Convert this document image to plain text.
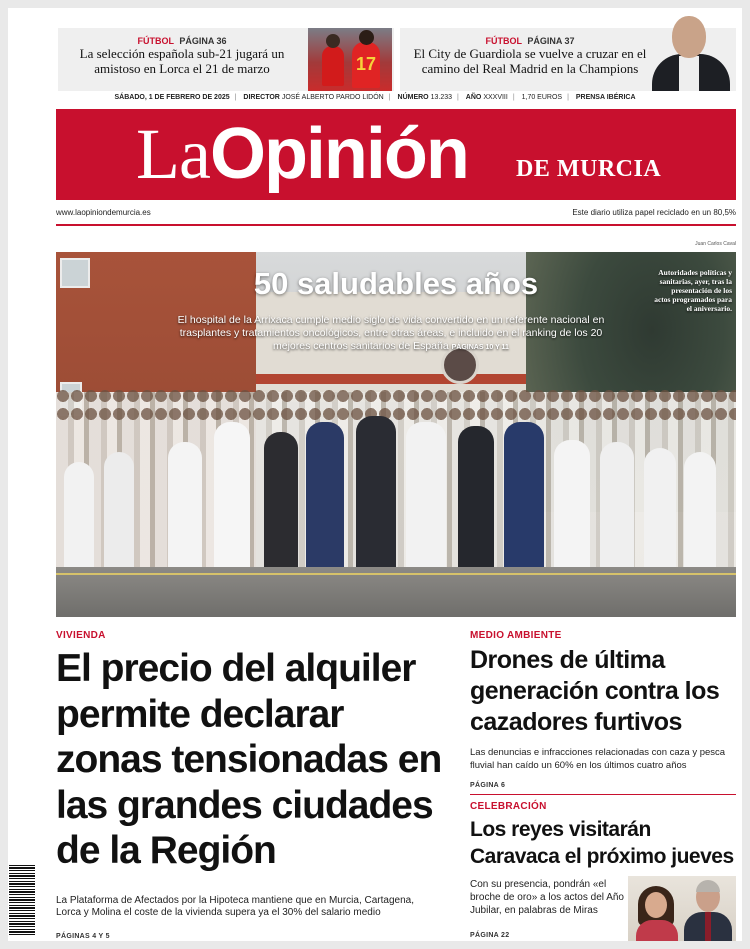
FÚTBOL PÁGINA 36
La selección española sub-21 jugará un amistoso en Lorca el 21 de marzo	17
FÚTBOL PÁGINA 37
El City de Guardiola se vuelve a cruzar en el camino del Real Madrid en la Champions
SÁBADO, 1 DE FEBRERO DE 2025 | DIRECTOR JOSÉ ALBERTO PARDO LIDÓN | NÚMERO 13.233 | AÑO XXXVIII | 1,70 EUROS | PRENSA IBÉRICA
LaOpinión DE MURCIA
www.laopiniondemurcia.es	Este diario utiliza papel reciclado en un 80,5%
Juan Carlos Caval
50 saludables años
El hospital de la Arrixaca cumple medio siglo de vida convertido en un referente nacional en trasplantes y tratamientos oncológicos, entre otras áreas, e incluido en el ranking de los 20 mejores centros sanitarios de España PÁGINAS 10 Y 11
Autoridades políticas y sanitarias, ayer, tras la presentación de los actos programados para el aniversario.
VIVIENDA
El precio del alquiler permite declarar zonas tensionadas en las grandes ciudades de la Región
La Plataforma de Afectados por la Hipoteca mantiene que en Murcia, Cartagena, Lorca y Molina el coste de la vivienda supera ya el 30% del salario medio
PÁGINAS 4 Y 5
MEDIO AMBIENTE
Drones de última generación contra los cazadores furtivos
Las denuncias e infracciones relacionadas con caza y pesca fluvial han caído un 60% en los últimos cuatro años
PÁGINA 6
CELEBRACIÓN
Los reyes visitarán Caravaca el próximo jueves
Con su presencia, pondrán «el broche de oro» a los actos del Año Jubilar, en palabras de Miras
PÁGINA 22
